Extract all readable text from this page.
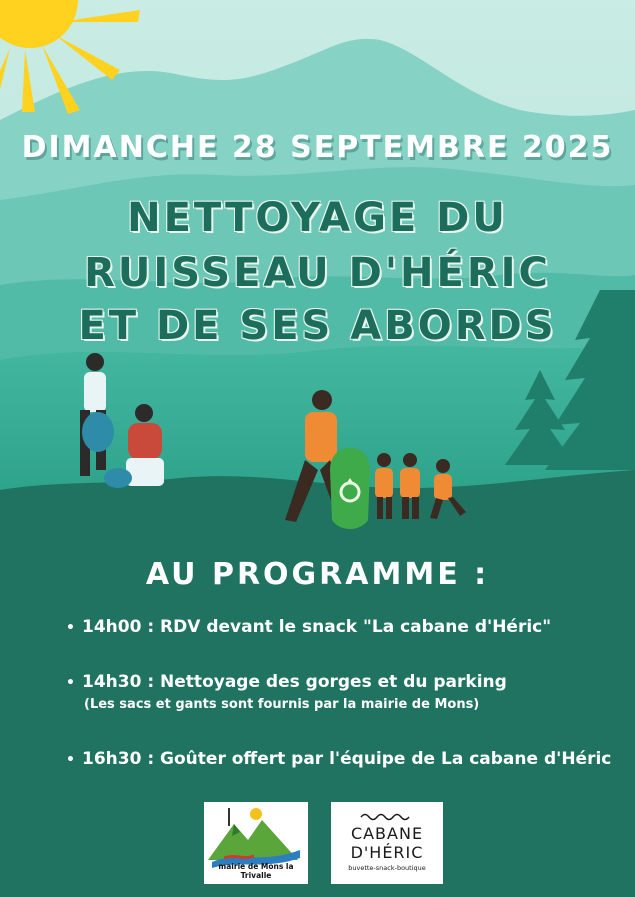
DIMANCHE 28 SEPTEMBRE 2025
NETTOYAGE DU
RUISSEAU D'HÉRIC
ET DE SES ABORDS
AU PROGRAMME :
• 14h00 : RDV devant le snack "La cabane d'Héric"
• 14h30 : Nettoyage des gorges et du parking
(Les sacs et gants sont fournis par la mairie de Mons)
• 16h30 : Goûter offert par l'équipe de La cabane d'Héric
mairie de Mons la Trivalle
CABANE
D'HÉRIC
buvette-snack-boutique
